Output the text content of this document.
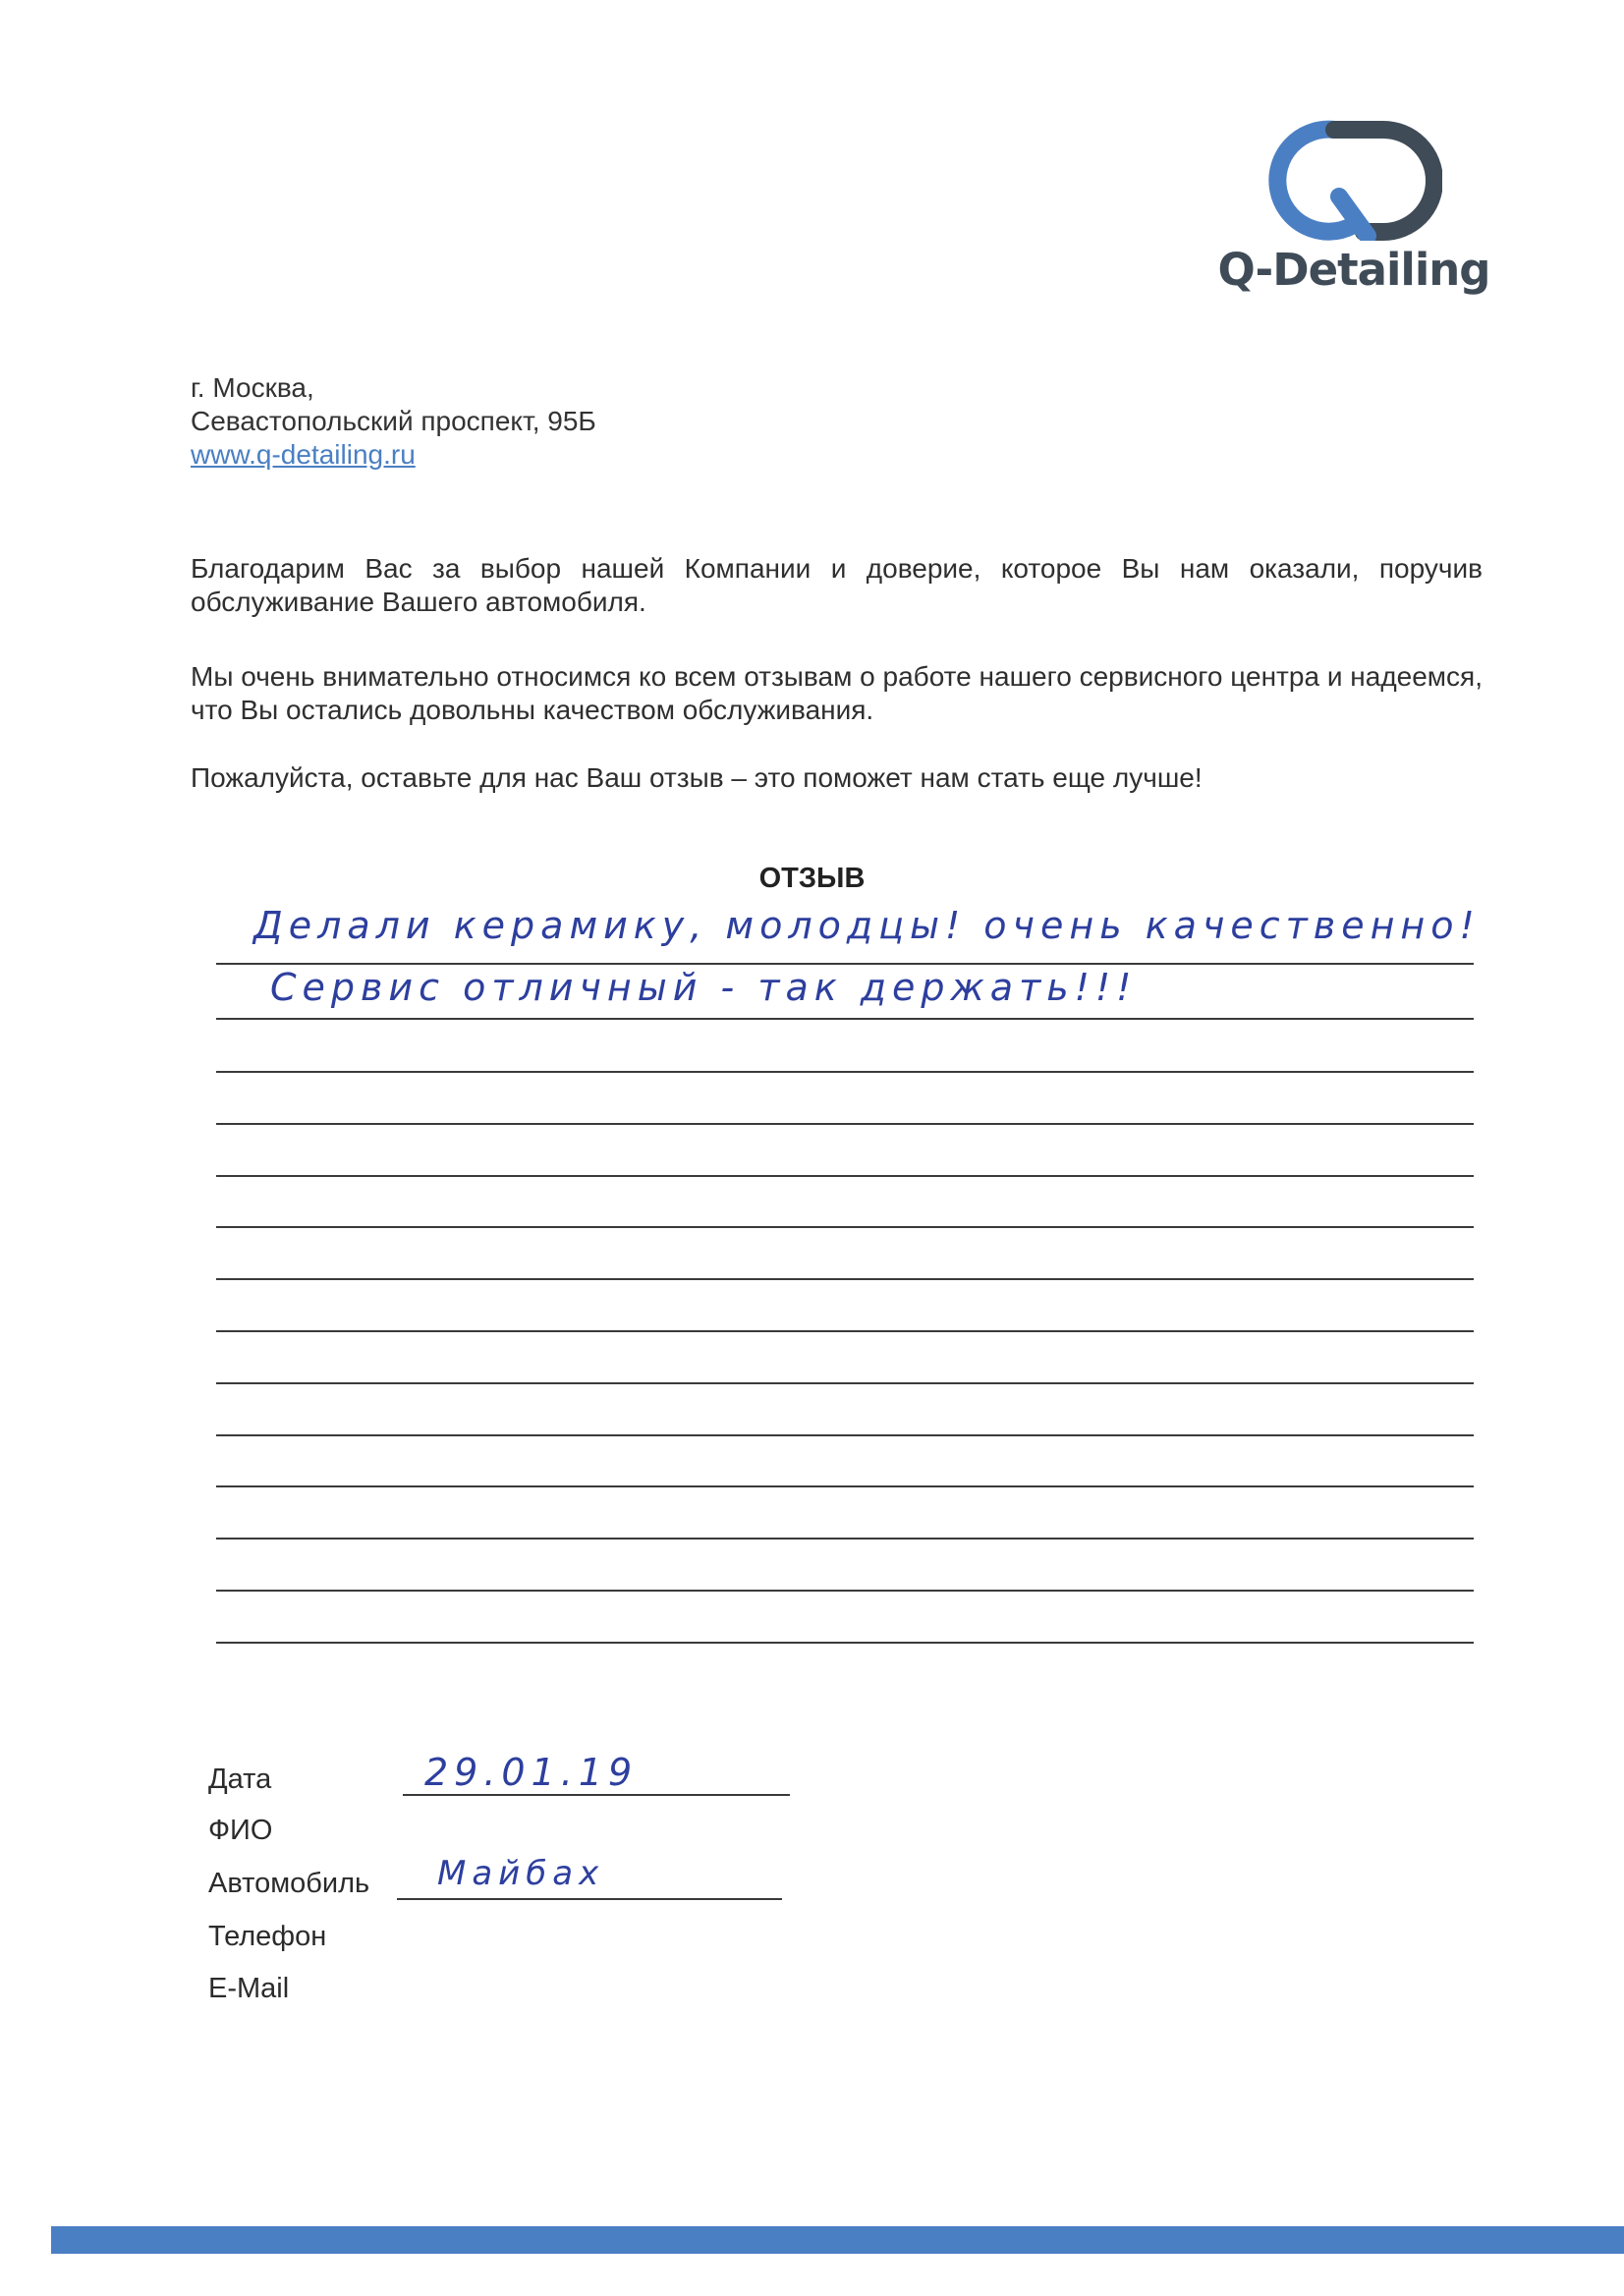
Q-Detailing
г. Москва,
Севастопольский проспект, 95Б
www.q-detailing.ru
Благодарим Вас за выбор нашей Компании и доверие, которое Вы нам оказали, поручив обслуживание Вашего автомобиля.
Мы очень внимательно относимся ко всем отзывам о работе нашего сервисного центра и надеемся, что Вы остались довольны качеством обслуживания.
Пожалуйста, оставьте для нас Ваш отзыв – это поможет нам стать еще лучше!
ОТЗЫВ
Делали керамику, молодцы! очень качественно!
Сервис отличный - так держать!!!
Дата	29.01.19
ФИО
Автомобиль Майбах
Телефон
E-Mail
